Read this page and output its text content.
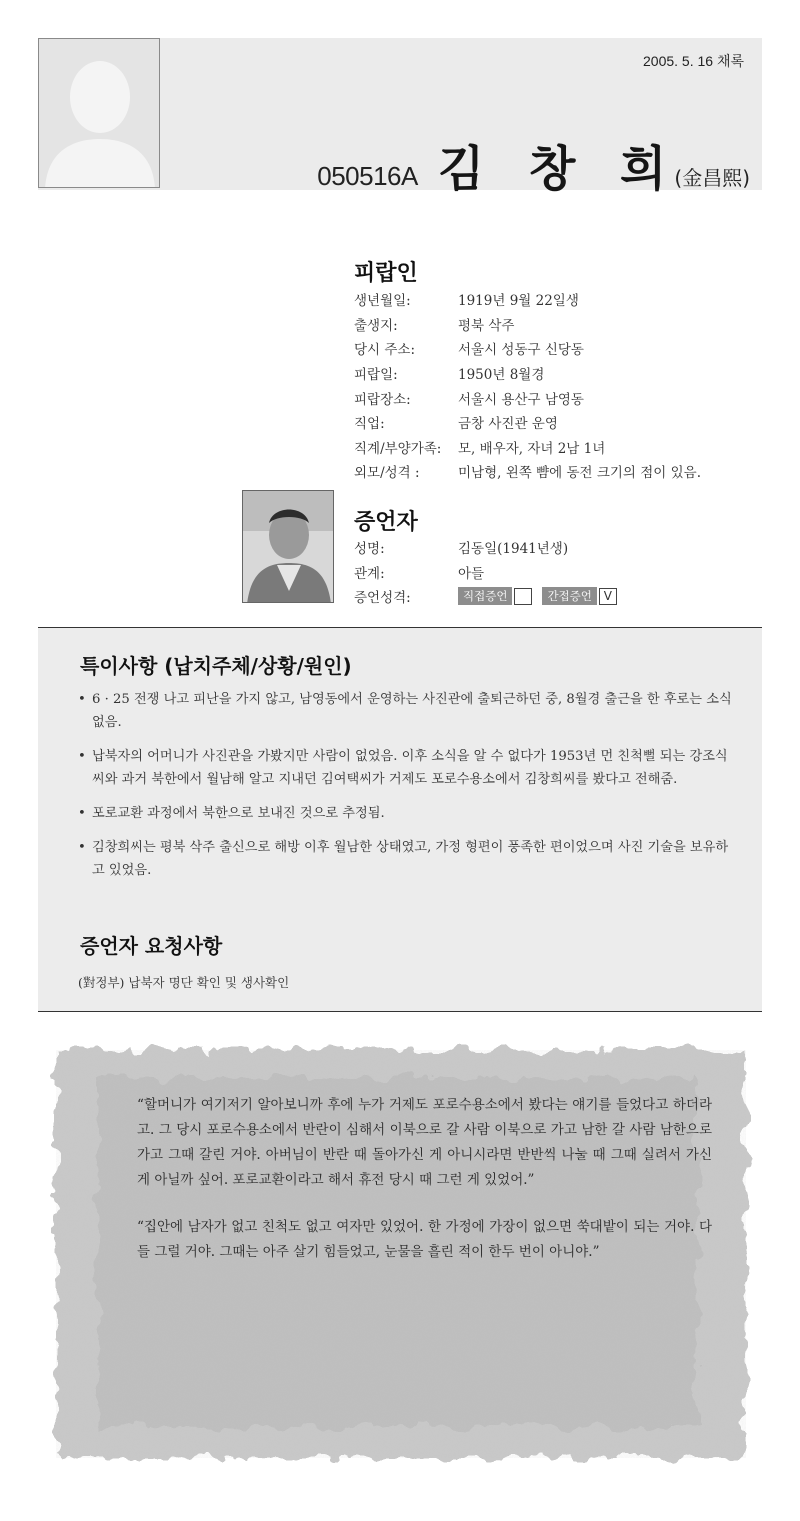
2005. 5. 16 채록
050516A 김 창 희
(金昌熙)
피랍인
생년월일:	1919년 9월 22일생
출생지:	평북 삭주
당시 주소:	서울시 성동구 신당동
피랍일:	1950년 8월경
피랍장소:	서울시 용산구 남영동
직업:	금창 사진관 운영
직계/부양가족:	모, 배우자, 자녀 2남 1녀
외모/성격 :	미남형, 왼쪽 뺨에 동전 크기의 점이 있음.
증언자
성명:	김동일(1941년생)
관계:	아들
증언성격:	직접증언	간접증언 V
특이사항 (납치주체/상황/원인)
• 6 · 25 전쟁 나고 피난을 가지 않고, 남영동에서 운영하는 사진관에 출퇴근하던 중, 8월경 출근을 한 후로는 소식 없음.
• 납북자의 어머니가 사진관을 가봤지만 사람이 없었음. 이후 소식을 알 수 없다가 1953년 먼 친척뻘 되는 강조식씨와 과거 북한에서 월남해 알고 지내던 김여택씨가 거제도 포로수용소에서 김창희씨를 봤다고 전해줌.
• 포로교환 과정에서 북한으로 보내진 것으로 추정됨.
• 김창희씨는 평북 삭주 출신으로 해방 이후 월남한 상태였고, 가정 형편이 풍족한 편이었으며 사진 기술을 보유하고 있었음.
증언자 요청사항
(對정부) 납북자 명단 확인 및 생사확인

“할머니가 여기저기 알아보니까 후에 누가 거제도 포로수용소에서 봤다는 얘기를 들었다고 하더라고. 그 당시 포로수용소에서 반란이 심해서 이북으로 갈 사람 이북으로 가고 남한 갈 사람 남한으로 가고 그때 갈린 거야. 아버님이 반란 때 돌아가신 게 아니시라면 반반씩 나눌 때 그때 실려서 가신 게 아닐까 싶어. 포로교환이라고 해서 휴전 당시 때 그런 게 있었어.”

“집안에 남자가 없고 친척도 없고 여자만 있었어. 한 가정에 가장이 없으면 쑥대밭이 되는 거야. 다들 그럴 거야. 그때는 아주 살기 힘들었고, 눈물을 흘린 적이 한두 번이 아니야.”
